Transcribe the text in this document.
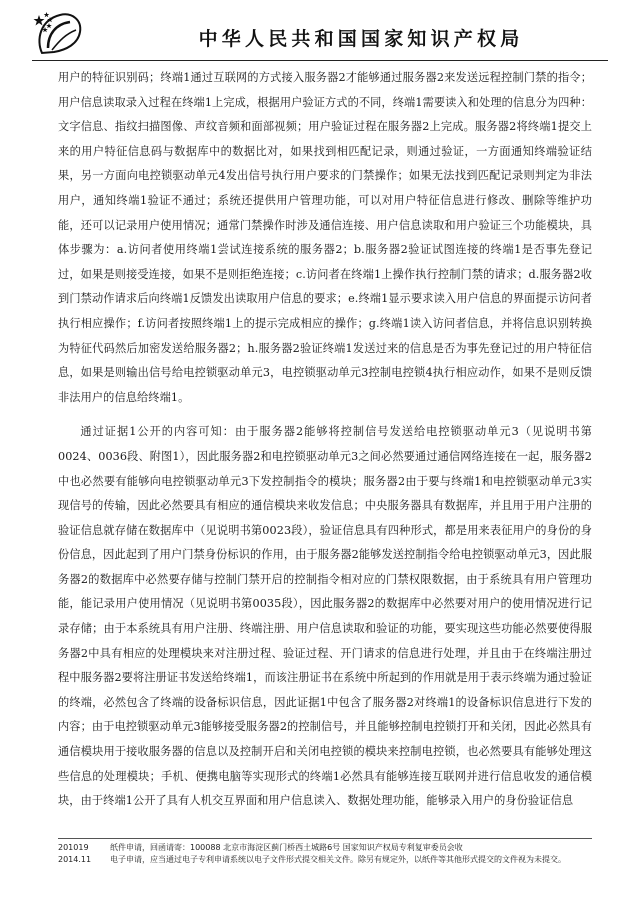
中华人民共和国国家知识产权局

用户的特征识别码；终端1通过互联网的方式接入服务器2才能够通过服务器2来发送远程控制门禁的指令；用户信息读取录入过程在终端1上完成，根据用户验证方式的不同，终端1需要读入和处理的信息分为四种：文字信息、指纹扫描图像、声纹音频和面部视频；用户验证过程在服务器2上完成。服务器2将终端1提交上来的用户特征信息码与数据库中的数据比对，如果找到相匹配记录，则通过验证，一方面通知终端验证结果，另一方面向电控锁驱动单元4发出信号执行用户要求的门禁操作；如果无法找到匹配记录则判定为非法用户，通知终端1验证不通过；系统还提供用户管理功能，可以对用户特征信息进行修改、删除等维护功能，还可以记录用户使用情况；通常门禁操作时涉及通信连接、用户信息读取和用户验证三个功能模块，具体步骤为：a.访问者使用终端1尝试连接系统的服务器2；b.服务器2验证试图连接的终端1是否事先登记过，如果是则接受连接，如果不是则拒绝连接；c.访问者在终端1上操作执行控制门禁的请求；d.服务器2收到门禁动作请求后向终端1反馈发出读取用户信息的要求；e.终端1显示要求读入用户信息的界面提示访问者执行相应操作；f.访问者按照终端1上的提示完成相应的操作；g.终端1读入访问者信息，并将信息识别转换为特征代码然后加密发送给服务器2；h.服务器2验证终端1发送过来的信息是否为事先登记过的用户特征信息，如果是则输出信号给电控锁驱动单元3，电控锁驱动单元3控制电控锁4执行相应动作，如果不是则反馈非法用户的信息给终端1。

通过证据1公开的内容可知：由于服务器2能够将控制信号发送给电控锁驱动单元3（见说明书第0024、0036段、附图1），因此服务器2和电控锁驱动单元3之间必然要通过通信网络连接在一起，服务器2中也必然要有能够向电控锁驱动单元3下发控制指令的模块；服务器2由于要与终端1和电控锁驱动单元3实现信号的传输，因此必然要具有相应的通信模块来收发信息；中央服务器具有数据库，并且用于用户注册的验证信息就存储在数据库中（见说明书第0023段），验证信息具有四种形式，都是用来表征用户的身份的身份信息，因此起到了用户门禁身份标识的作用，由于服务器2能够发送控制指令给电控锁驱动单元3，因此服务器2的数据库中必然要存储与控制门禁开启的控制指令相对应的门禁权限数据，由于系统具有用户管理功能，能记录用户使用情况（见说明书第0035段），因此服务器2的数据库中必然要对用户的使用情况进行记录存储；由于本系统具有用户注册、终端注册、用户信息读取和验证的功能，要实现这些功能必然要使得服务器2中具有相应的处理模块来对注册过程、验证过程、开门请求的信息进行处理，并且由于在终端注册过程中服务器2要将注册证书发送给终端1，而该注册证书在系统中所起到的作用就是用于表示终端为通过验证的终端，必然包含了终端的设备标识信息，因此证据1中包含了服务器2对终端1的设备标识信息进行下发的内容；由于电控锁驱动单元3能够接受服务器2的控制信号，并且能够控制电控锁打开和关闭，因此必然具有通信模块用于接收服务器的信息以及控制开启和关闭电控锁的模块来控制电控锁，也必然要具有能够处理这些信息的处理模块；手机、便携电脑等实现形式的终端1必然具有能够连接互联网并进行信息收发的通信模块，由于终端1公开了具有人机交互界面和用户信息读入、数据处理功能，能够录入用户的身份验证信息

201019	纸件申请，回函请寄：100088 北京市海淀区蓟门桥西土城路6号 国家知识产权局专利复审委员会收
2014.11	电子申请，应当通过电子专利申请系统以电子文件形式提交相关文件。除另有规定外，以纸件等其他形式提交的文件视为未提交。
